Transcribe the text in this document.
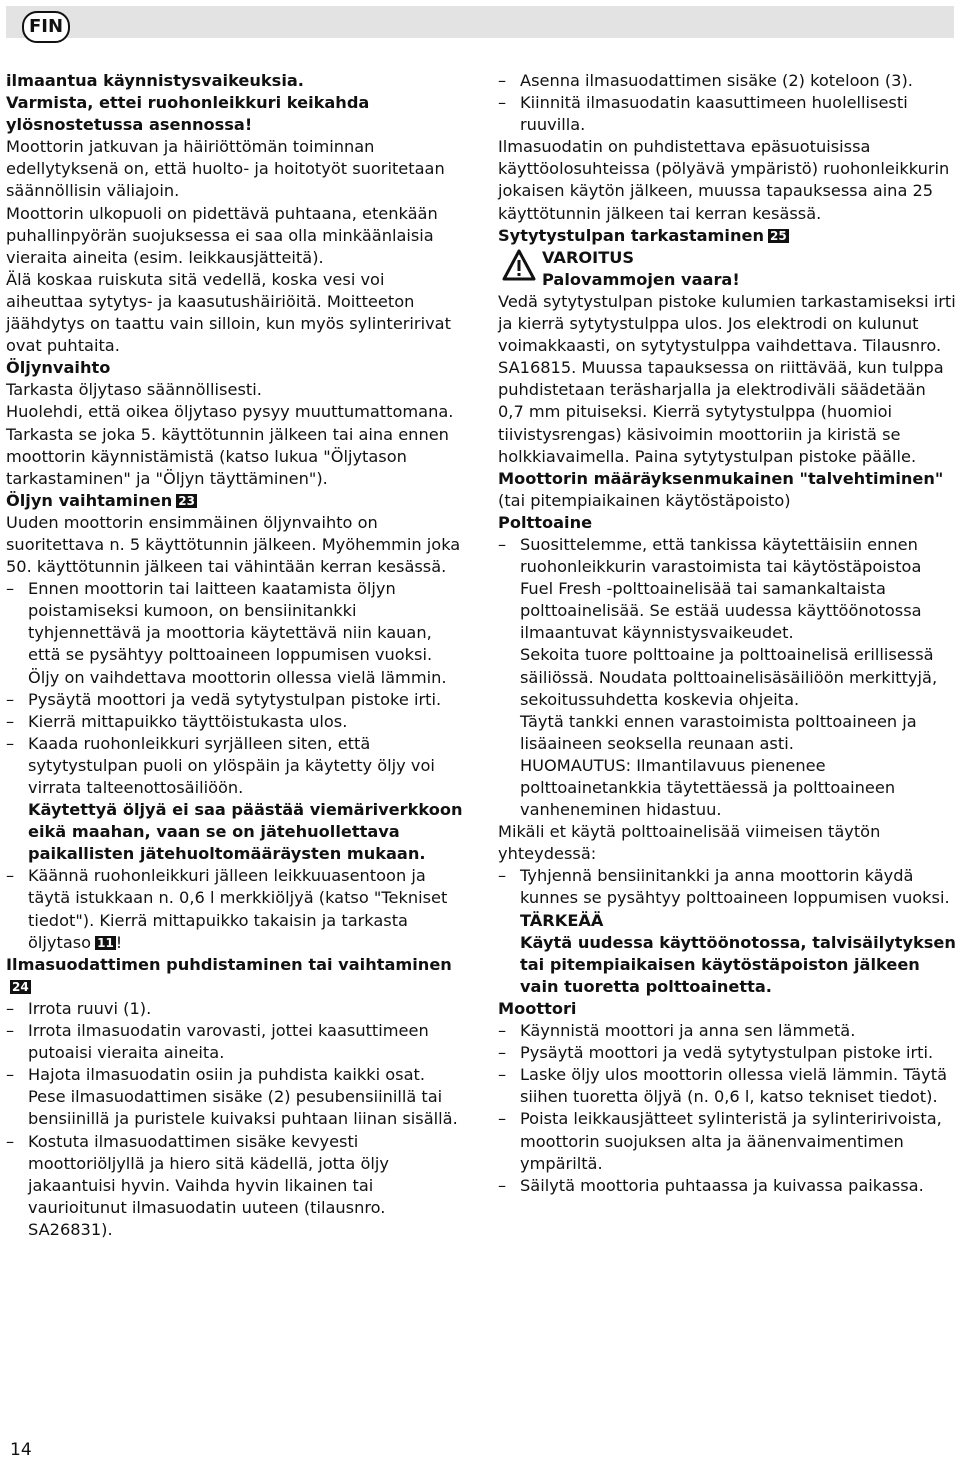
FIN

ilmaantua käynnistysvaikeuksia.

Varmista, ettei ruohonleikkuri keikahda ylösnostetussa asennossa!

Moottorin jatkuvan ja häiriöttömän toiminnan edellytyksenä on, että huolto- ja hoitotyöt suoritetaan säännöllisin väliajoin.

Moottorin ulkopuoli on pidettävä puhtaana, etenkään puhallinpyörän suojuksessa ei saa olla minkäänlaisia vieraita aineita (esim. leikkausjätteitä).

Älä koskaa ruiskuta sitä vedellä, koska vesi voi aiheuttaa sytytys- ja kaasutushäiriöitä. Moitteeton jäähdytys on taattu vain silloin, kun myös sylinteririvat ovat puhtaita.

Öljynvaihto

Tarkasta öljytaso säännöllisesti.

Huolehdi, että oikea öljytaso pysyy muuttumattomana.

Tarkasta se joka 5. käyttötunnin jälkeen tai aina ennen moottorin käynnistämistä (katso lukua "Öljytason tarkastaminen" ja "Öljyn täyttäminen").

Öljyn vaihtaminen 23

Uuden moottorin ensimmäinen öljynvaihto on suoritettava n. 5 käyttötunnin jälkeen. Myöhemmin joka 50. käyttötunnin jälkeen tai vähintään kerran kesässä.

– Ennen moottorin tai laitteen kaatamista öljyn poistamiseksi kumoon, on bensiinitankki tyhjennettävä ja moottoria käytettävä niin kauan, että se pysähtyy polttoaineen loppumisen vuoksi. Öljy on vaihdettava moottorin ollessa vielä lämmin.

– Pysäytä moottori ja vedä sytytystulpan pistoke irti.

– Kierrä mittapuikko täyttöistukasta ulos.

– Kaada ruohonleikkuri syrjälleen siten, että sytytystulpan puoli on ylöspäin ja käytetty öljy voi virrata talteenottosäiliöön.

Käytettyä öljyä ei saa päästää viemäriverkkoon eikä maahan, vaan se on jätehuollettava paikallisten jätehuoltomääräysten mukaan.

– Käännä ruohonleikkuri jälleen leikkuuasentoon ja täytä istukkaan n. 0,6 l merkkiöljyä (katso "Tekniset tiedot"). Kierrä mittapuikko takaisin ja tarkasta öljytaso 11 !

Ilmasuodattimen puhdistaminen tai vaihtaminen24

– Irrota ruuvi (1).

– Irrota ilmasuodatin varovasti, jottei kaasuttimeen putoaisi vieraita aineita.

– Hajota ilmasuodatin osiin ja puhdista kaikki osat. Pese ilmasuodattimen sisäke (2) pesubensiinillä tai bensiinillä ja puristele kuivaksi puhtaan liinan sisällä.

– Kostuta ilmasuodattimen sisäke kevyesti moottoriöljyllä ja hiero sitä kädellä, jotta öljy jakaantuisi hyvin. Vaihda hyvin likainen tai vaurioitunut ilmasuodatin uuteen (tilausnro. SA26831).

– Asenna ilmasuodattimen sisäke (2) koteloon (3).

– Kiinnitä ilmasuodatin kaasuttimeen huolellisesti ruuvilla.

Ilmasuodatin on puhdistettava epäsuotuisissa käyttöolosuhteissa (pölyävä ympäristö) ruohonleikkurin jokaisen käytön jälkeen, muussa tapauksessa aina 25 käyttötunnin jälkeen tai kerran kesässä.

Sytytystulpan tarkastaminen 25

VAROITUS

Palovammojen vaara!

Vedä sytytystulpan pistoke kulumien tarkastamiseksi irti ja kierrä sytytystulppa ulos. Jos elektrodi on kulunut voimakkaasti, on sytytystulppa vaihdettava. Tilausnro. SA16815. Muussa tapauksessa on riittävää, kun tulppa puhdistetaan teräsharjalla ja elektrodiväli säädetään 0,7 mm pituiseksi. Kierrä sytytystulppa (huomioi tiivistysrengas) käsivoimin moottoriin ja kiristä se holkkiavaimella. Paina sytytystulpan pistoke päälle.

Moottorin määräyksenmukainen "talvehtiminen"

(tai pitempiaikainen käytöstäpoisto)

Polttoaine

– Suosittelemme, että tankissa käytettäisiin ennen ruohonleikkurin varastoimista tai käytöstäpoistoa Fuel Fresh -polttoainelisää tai samankaltaista polttoainelisää. Se estää uudessa käyttöönotossa ilmaantuvat käynnistysvaikeudet.

Sekoita tuore polttoaine ja polttoainelisä erillisessä säiliössä. Noudata polttoainelisäsäiliöön merkittyjä, sekoitussuhdetta koskevia ohjeita.

Täytä tankki ennen varastoimista polttoaineen ja lisäaineen seoksella reunaan asti.

HUOMAUTUS: Ilmantilavuus pienenee polttoainetankkia täytettäessä ja polttoaineen vanheneminen hidastuu.

Mikäli et käytä polttoainelisää viimeisen täytön yhteydessä:

– Tyhjennä bensiinitankki ja anna moottorin käydä kunnes se pysähtyy polttoaineen loppumisen vuoksi.

TÄRKEÄÄ

Käytä uudessa käyttöönotossa, talvisäilytyksen tai pitempiaikaisen käytöstäpoiston jälkeen vain tuoretta polttoainetta.

Moottori

– Käynnistä moottori ja anna sen lämmetä.

– Pysäytä moottori ja vedä sytytystulpan pistoke irti.

– Laske öljy ulos moottorin ollessa vielä lämmin. Täytä siihen tuoretta öljyä (n. 0,6 l, katso tekniset tiedot).

– Poista leikkausjätteet sylinteristä ja sylinteririvoista, moottorin suojuksen alta ja äänenvaimentimen ympäriltä.

– Säilytä moottoria puhtaassa ja kuivassa paikassa.

14
